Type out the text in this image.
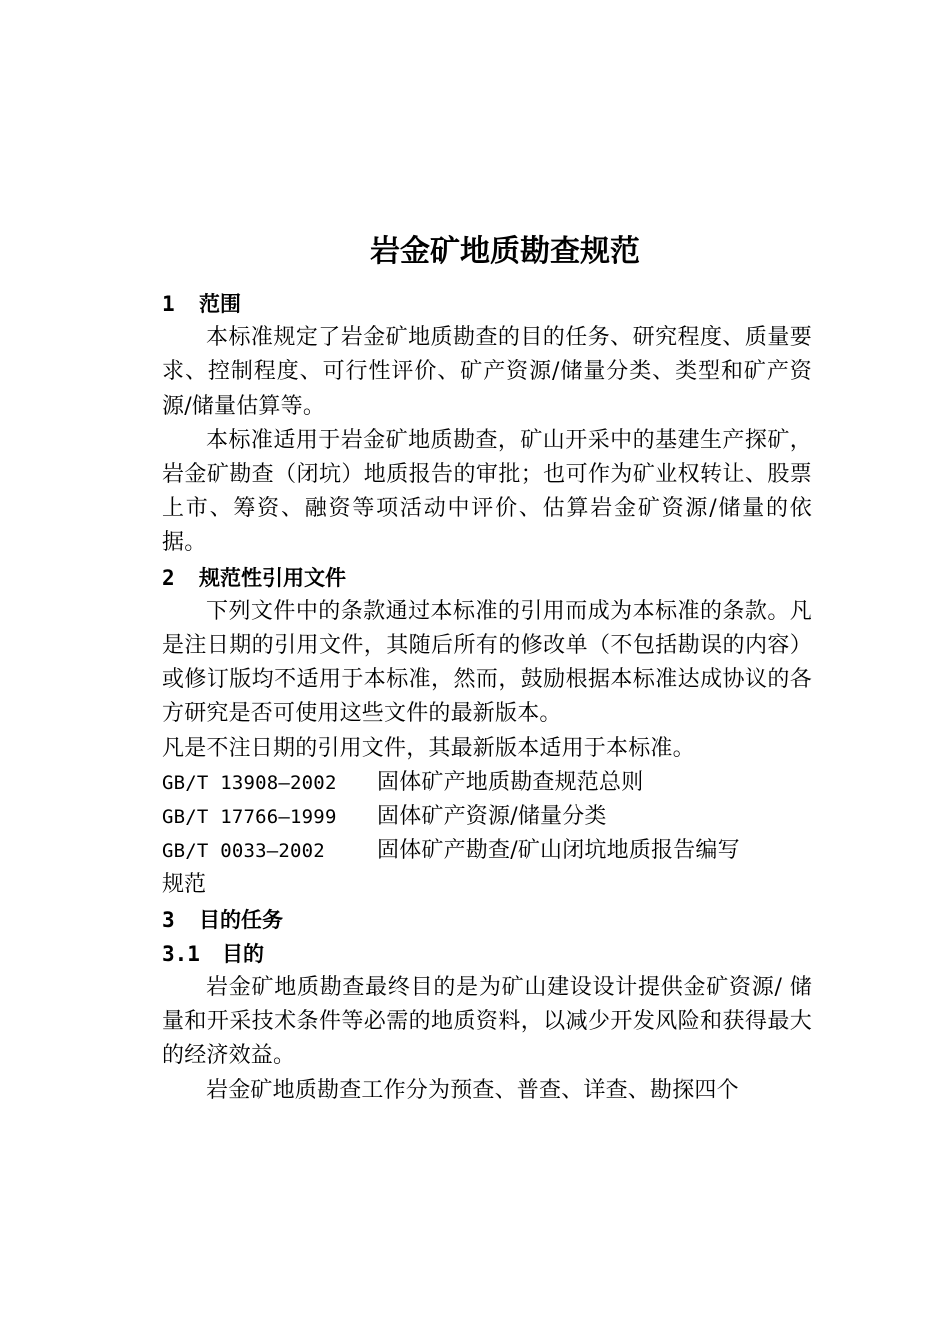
岩金矿地质勘查规范

1 范围

本标准规定了岩金矿地质勘查的目的任务、研究程度、质量要求、控制程度、可行性评价、矿产资源/储量分类、类型和矿产资源/储量估算等。

本标准适用于岩金矿地质勘查，矿山开采中的基建生产探矿，岩金矿勘查（闭坑）地质报告的审批；也可作为矿业权转让、股票上市、筹资、融资等项活动中评价、估算岩金矿资源/储量的依据。

2 规范性引用文件

下列文件中的条款通过本标准的引用而成为本标准的条款。凡是注日期的引用文件，其随后所有的修改单（不包括勘误的内容）或修订版均不适用于本标准，然而，鼓励根据本标准达成协议的各方研究是否可使用这些文件的最新版本。

凡是不注日期的引用文件，其最新版本适用于本标准。

GB/T 13908—2002 固体矿产地质勘查规范总则

GB/T 17766—1999 固体矿产资源/储量分类

GB/T 0033—2002 固体矿产勘查/矿山闭坑地质报告编写

规范

3 目的任务

3.1 目的

岩金矿地质勘查最终目的是为矿山建设设计提供金矿资源/ 储量和开采技术条件等必需的地质资料，以减少开发风险和获得最大的经济效益。

岩金矿地质勘查工作分为预查、普查、详查、勘探四个
